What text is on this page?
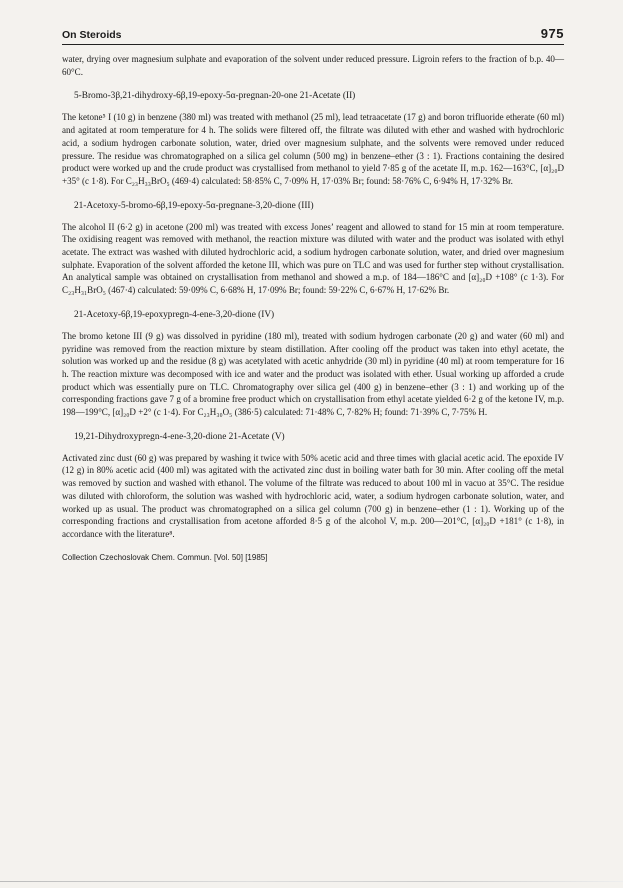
On Steroids	975

water, drying over magnesium sulphate and evaporation of the solvent under reduced pressure. Ligroin refers to the fraction of b.p. 40—60°C.

5-Bromo-3β,21-dihydroxy-6β,19-epoxy-5α-pregnan-20-one 21-Acetate (II)

The ketone⁵ I (10 g) in benzene (380 ml) was treated with methanol (25 ml), lead tetraacetate (17 g) and boron trifluoride etherate (60 ml) and agitated at room temperature for 4 h. The solids were filtered off, the filtrate was diluted with ether and washed with hydrochloric acid, a sodium hydrogen carbonate solution, water, dried over magnesium sulphate, and the solvents were removed under reduced pressure. The residue was chromatographed on a silica gel column (500 mg) in benzene–ether (3 : 1). Fractions containing the desired product were worked up and the crude product was crystallised from methanol to yield 7·85 g of the acetate II, m.p. 162—163°C, [α]₂₀D +35° (c 1·8). For C₂₃H₃₃BrO₅ (469·4) calculated: 58·85% C, 7·09% H, 17·03% Br; found: 58·76% C, 6·94% H, 17·32% Br.

21-Acetoxy-5-bromo-6β,19-epoxy-5α-pregnane-3,20-dione (III)

The alcohol II (6·2 g) in acetone (200 ml) was treated with excess Jones’ reagent and allowed to stand for 15 min at room temperature. The oxidising reagent was removed with methanol, the reaction mixture was diluted with water and the product was isolated with ethyl acetate. The extract was washed with diluted hydrochloric acid, a sodium hydrogen carbonate solution, water, and dried over magnesium sulphate. Evaporation of the solvent afforded the ketone III, which was pure on TLC and was used for further step without crystallisation. An analytical sample was obtained on crystallisation from methanol and showed a m.p. of 184—186°C and [α]₂₀D +108° (c 1·3). For C₂₃H₃₁BrO₅ (467·4) calculated: 59·09% C, 6·68% H, 17·09% Br; found: 59·22% C, 6·67% H, 17·62% Br.

21-Acetoxy-6β,19-epoxypregn-4-ene-3,20-dione (IV)

The bromo ketone III (9 g) was dissolved in pyridine (180 ml), treated with sodium hydrogen carbonate (20 g) and water (60 ml) and pyridine was removed from the reaction mixture by steam distillation. After cooling off the product was taken into ethyl acetate, the solution was worked up and the residue (8 g) was acetylated with acetic anhydride (30 ml) in pyridine (40 ml) at room temperature for 16 h. The reaction mixture was decomposed with ice and water and the product was isolated with ether. Usual working up afforded a crude product which was essentially pure on TLC. Chromatography over silica gel (400 g) in benzene–ether (3 : 1) and working up of the corresponding fractions gave 7 g of a bromine free product which on crystallisation from ethyl acetate yielded 6·2 g of the ketone IV, m.p. 198—199°C, [α]₂₀D +2° (c 1·4). For C₂₃H₃₀O₅ (386·5) calculated: 71·48% C, 7·82% H; found: 71·39% C, 7·75% H.

19,21-Dihydroxypregn-4-ene-3,20-dione 21-Acetate (V)

Activated zinc dust (60 g) was prepared by washing it twice with 50% acetic acid and three times with glacial acetic acid. The epoxide IV (12 g) in 80% acetic acid (400 ml) was agitated with the activated zinc dust in boiling water bath for 30 min. After cooling off the metal was removed by suction and washed with ethanol. The volume of the filtrate was reduced to about 100 ml in vacuo at 35°C. The residue was diluted with chloroform, the solution was washed with hydrochloric acid, water, a sodium hydrogen carbonate solution, water, and worked up as usual. The product was chromatographed on a silica gel column (700 g) in benzene–ether (1 : 1). Working up of the corresponding fractions and crystallisation from acetone afforded 8·5 g of the alcohol V, m.p. 200—201°C, [α]₂₀D +181° (c 1·8), in accordance with the literature⁸.

Collection Czechoslovak Chem. Commun. [Vol. 50] [1985]
